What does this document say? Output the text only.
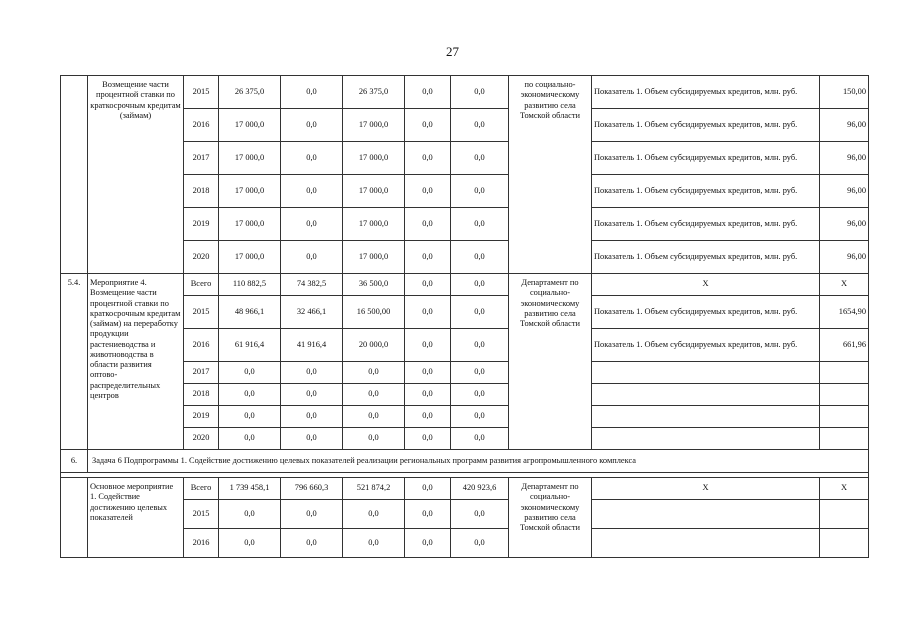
27
	Возмещение части процентной ставки по краткосрочным кредитам (займам)	2015	26 375,0	0,0	26 375,0	0,0	0,0	по социально-экономическому развитию села Томской области	Показатель 1. Объем субсидируемых кредитов, млн. руб.	150,00
		2016	17 000,0	0,0	17 000,0	0,0	0,0		Показатель 1. Объем субсидируемых кредитов, млн. руб.	96,00
		2017	17 000,0	0,0	17 000,0	0,0	0,0		Показатель 1. Объем субсидируемых кредитов, млн. руб.	96,00
		2018	17 000,0	0,0	17 000,0	0,0	0,0		Показатель 1. Объем субсидируемых кредитов, млн. руб.	96,00
		2019	17 000,0	0,0	17 000,0	0,0	0,0		Показатель 1. Объем субсидируемых кредитов, млн. руб.	96,00
		2020	17 000,0	0,0	17 000,0	0,0	0,0		Показатель 1. Объем субсидируемых кредитов, млн. руб.	96,00
5.4.	Мероприятие 4. Возмещение части процентной ставки по краткосрочным кредитам (займам) на переработку продукции растениеводства и животноводства в области развития оптово-распределительных центров	Всего	110 882,5	74 382,5	36 500,0	0,0	0,0	Департамент по социально-экономическому развитию села Томской области	Х	Х
		2015	48 966,1	32 466,1	16 500,00	0,0	0,0		Показатель 1. Объем субсидируемых кредитов, млн. руб.	1654,90
		2016	61 916,4	41 916,4	20 000,0	0,0	0,0		Показатель 1. Объем субсидируемых кредитов, млн. руб.	661,96
		2017	0,0	0,0	0,0	0,0	0,0			
		2018	0,0	0,0	0,0	0,0	0,0			
		2019	0,0	0,0	0,0	0,0	0,0			
		2020	0,0	0,0	0,0	0,0	0,0			
6.	Задача 6 Подпрограммы 1. Содействие достижению целевых показателей реализации региональных программ развития агропромышленного комплекса									

	Основное мероприятие 1. Содействие достижению целевых показателей	Всего	1 739 458,1	796 660,3	521 874,2	0,0	420 923,6	Департамент по социально-экономическому развитию села Томской области	Х	Х
		2015	0,0	0,0	0,0	0,0	0,0			
		2016	0,0	0,0	0,0	0,0	0,0			
